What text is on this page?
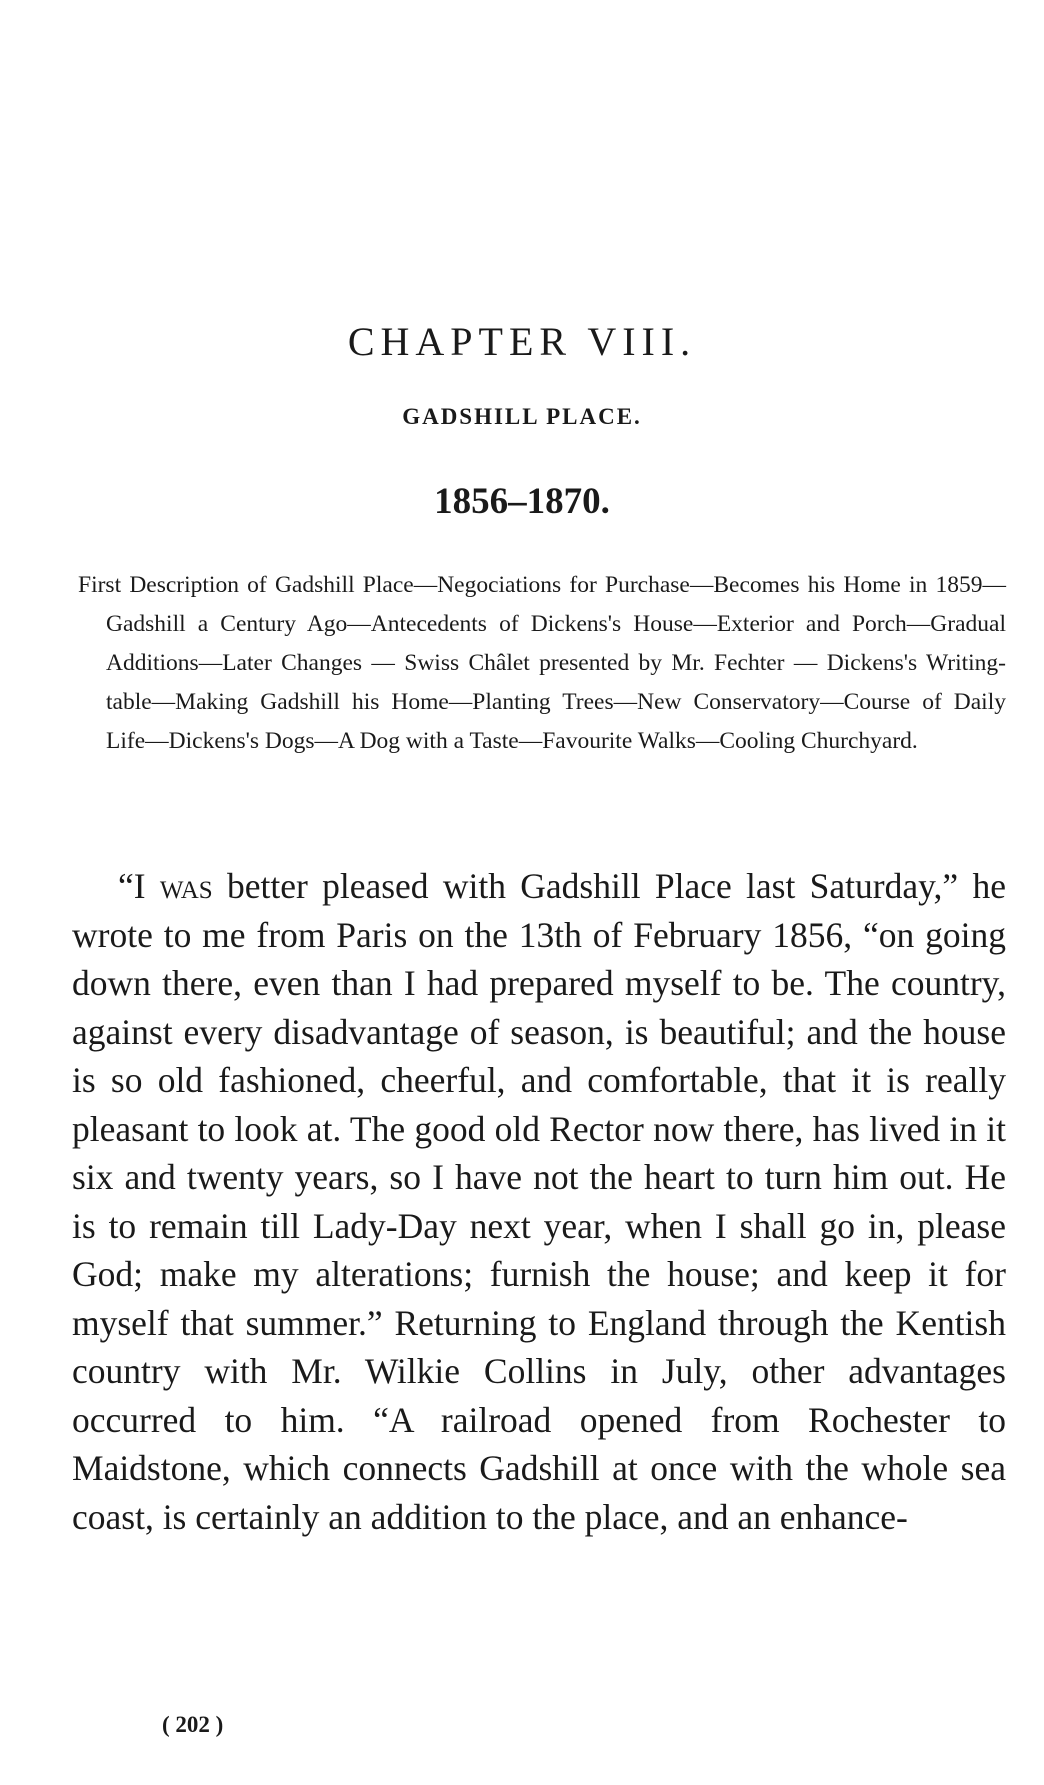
CHAPTER VIII.
GADSHILL PLACE.
1856–1870.

First Description of Gadshill Place—Negociations for Purchase—Becomes his Home in 1859—Gadshill a Century Ago—Antecedents of Dickens's House—Exterior and Porch—Gradual Additions—Later Changes — Swiss Châlet presented by Mr. Fechter — Dickens's Writing-table—Making Gadshill his Home—Planting Trees—New Conservatory—Course of Daily Life—Dickens's Dogs—A Dog with a Taste—Favourite Walks—Cooling Churchyard.

“I was better pleased with Gadshill Place last Saturday,” he wrote to me from Paris on the 13th of February 1856, “on going down there, even than I had prepared myself to be. The country, against every disadvantage of season, is beautiful; and the house is so old fashioned, cheerful, and comfortable, that it is really pleasant to look at. The good old Rector now there, has lived in it six and twenty years, so I have not the heart to turn him out. He is to remain till Lady-Day next year, when I shall go in, please God; make my alterations; furnish the house; and keep it for myself that summer.” Returning to England through the Kentish country with Mr. Wilkie Collins in July, other advantages occurred to him. “A railroad opened from Rochester to Maidstone, which connects Gadshill at once with the whole sea coast, is certainly an addition to the place, and an enhance-

( 202 )
